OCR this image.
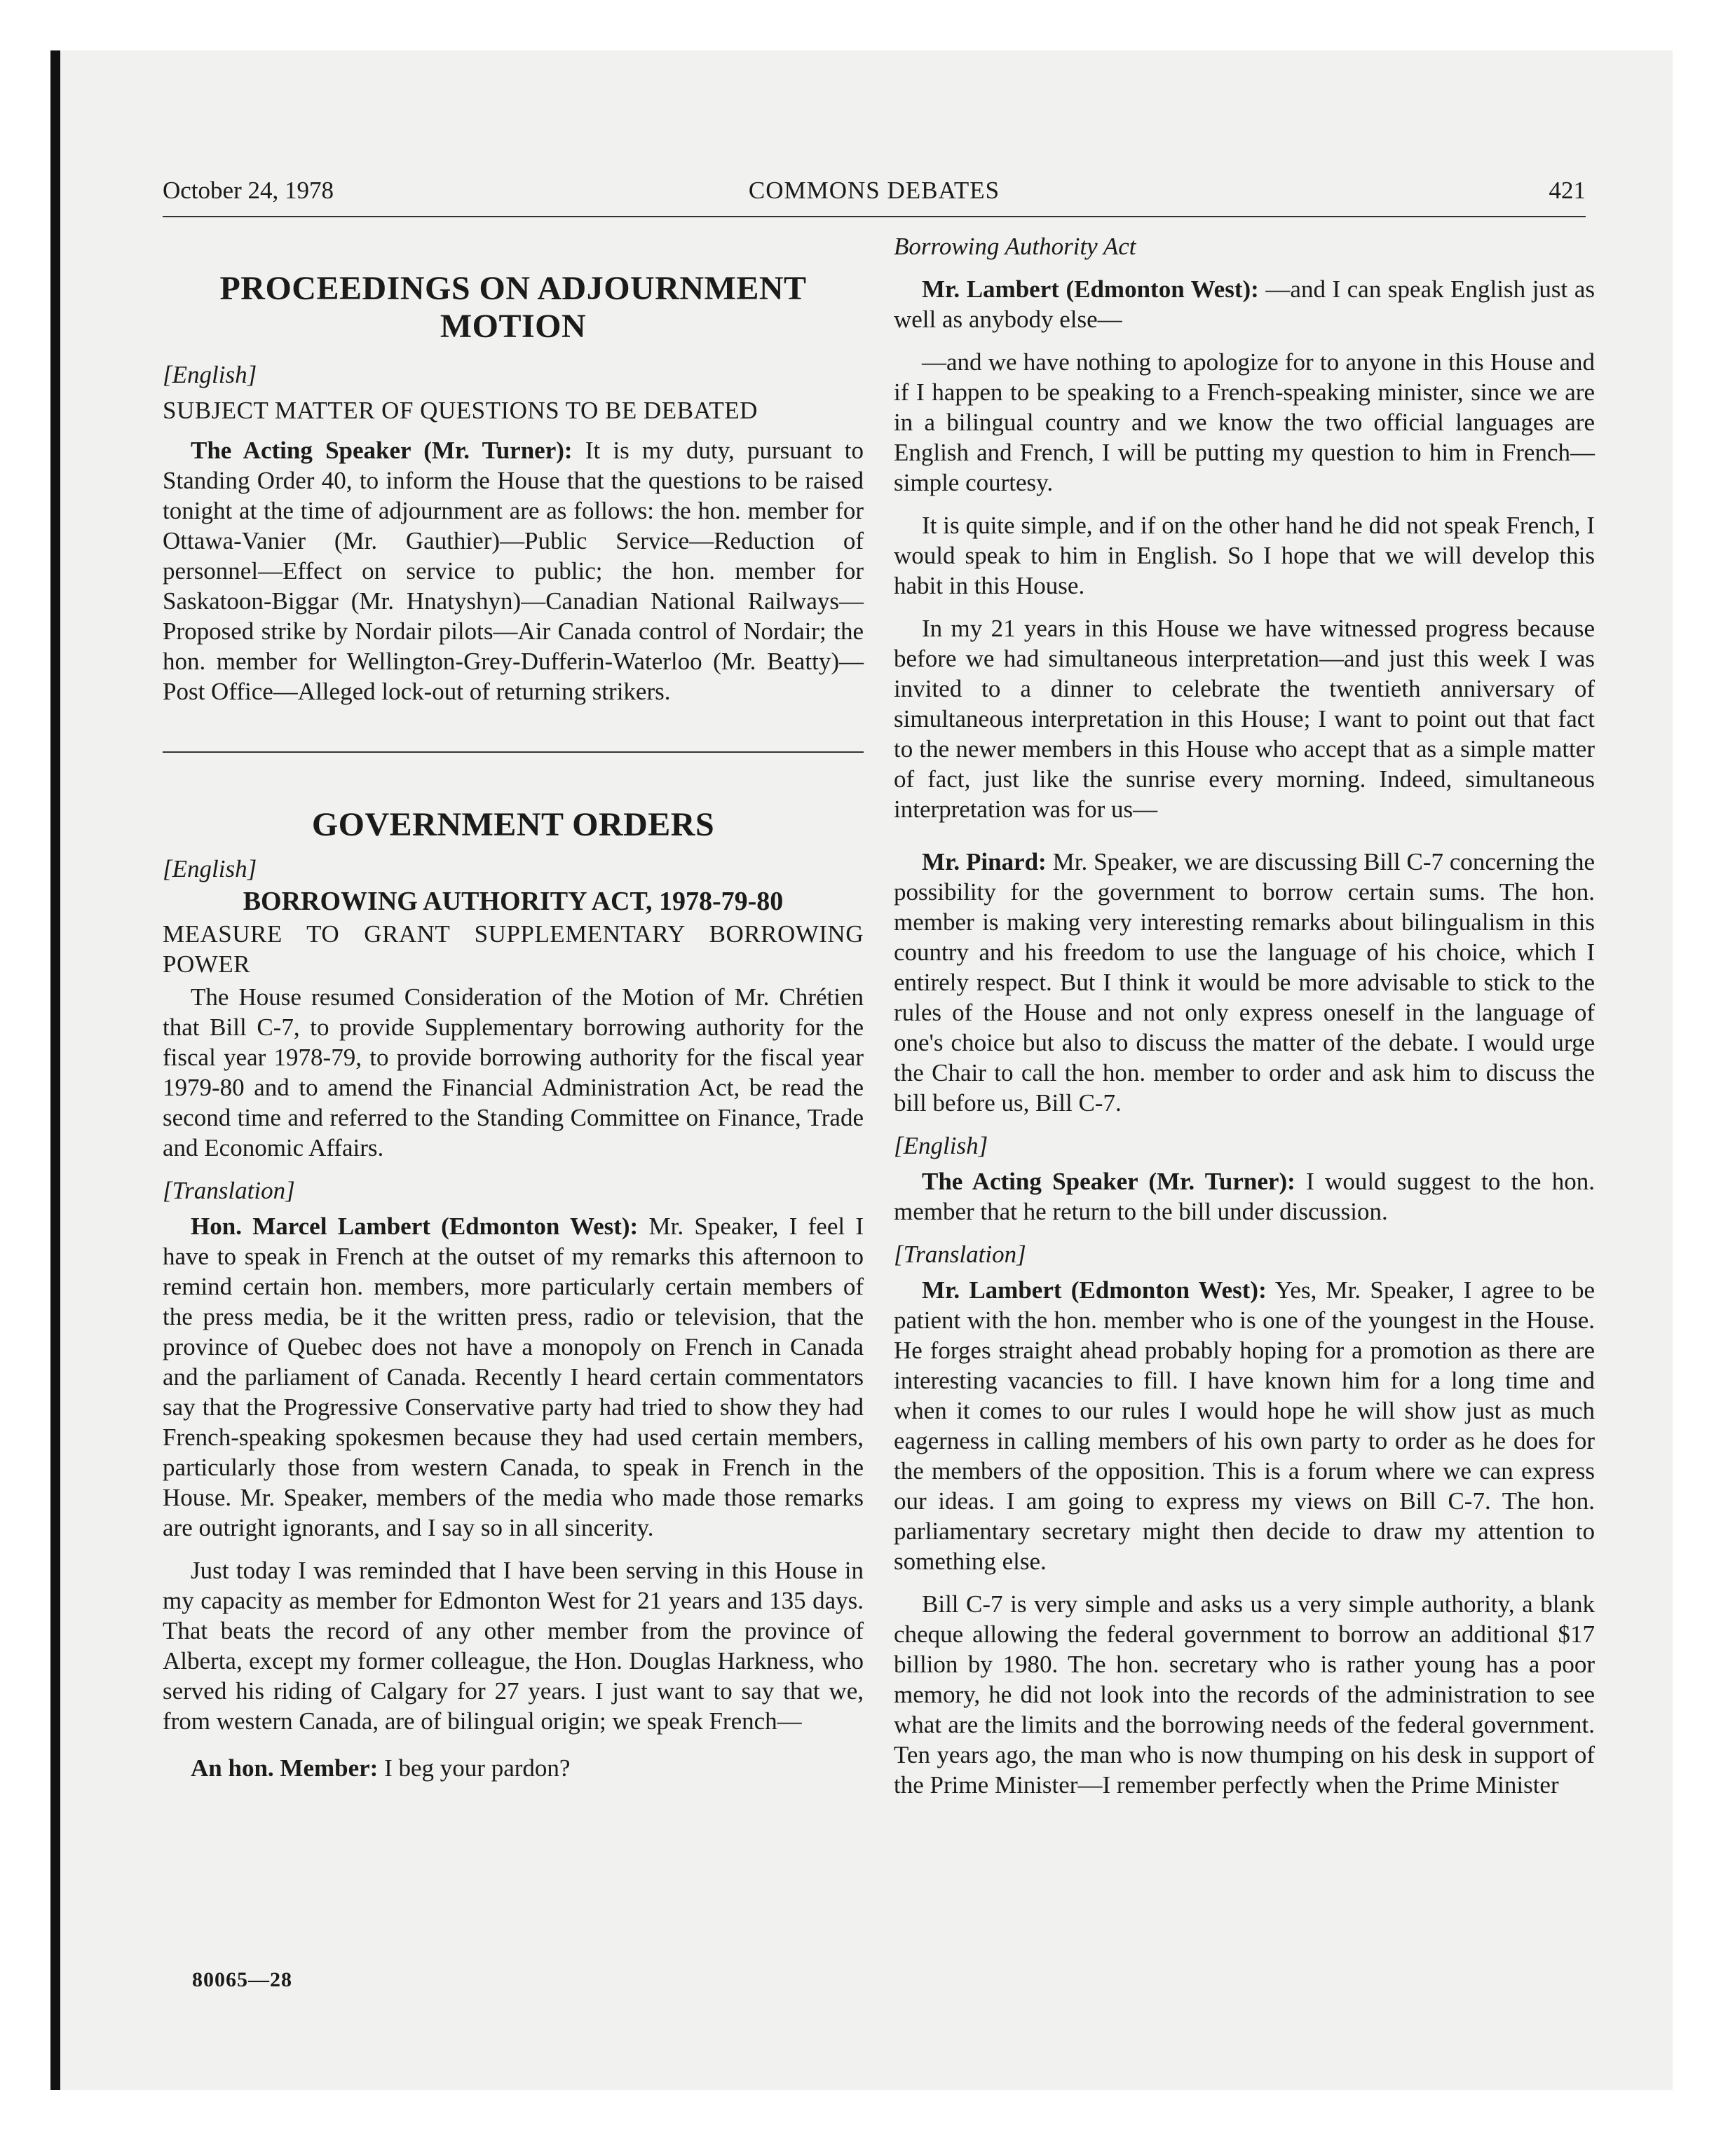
October 24, 1978	COMMONS DEBATES	421
PROCEEDINGS ON ADJOURNMENT
MOTION

[English]

SUBJECT MATTER OF QUESTIONS TO BE DEBATED

The Acting Speaker (Mr. Turner): It is my duty, pursuant to Standing Order 40, to inform the House that the questions to be raised tonight at the time of adjournment are as follows: the hon. member for Ottawa-Vanier (Mr. Gauthier)—Public Service—Reduction of personnel—Effect on service to public; the hon. member for Saskatoon-Biggar (Mr. Hnatyshyn)—Canadian National Railways—Proposed strike by Nordair pilots—Air Canada control of Nordair; the hon. member for Wellington-Grey-Dufferin-Waterloo (Mr. Beatty)—Post Office—Alleged lock-out of returning strikers.

GOVERNMENT ORDERS

[English]

BORROWING AUTHORITY ACT, 1978-79-80

MEASURE TO GRANT SUPPLEMENTARY BORROWING POWER

The House resumed Consideration of the Motion of Mr. Chrétien that Bill C-7, to provide Supplementary borrowing authority for the fiscal year 1978-79, to provide borrowing authority for the fiscal year 1979-80 and to amend the Financial Administration Act, be read the second time and referred to the Standing Committee on Finance, Trade and Economic Affairs.

[Translation]

Hon. Marcel Lambert (Edmonton West): Mr. Speaker, I feel I have to speak in French at the outset of my remarks this afternoon to remind certain hon. members, more particularly certain members of the press media, be it the written press, radio or television, that the province of Quebec does not have a monopoly on French in Canada and the parliament of Canada. Recently I heard certain commentators say that the Progressive Conservative party had tried to show they had French-speaking spokesmen because they had used certain members, particularly those from western Canada, to speak in French in the House. Mr. Speaker, members of the media who made those remarks are outright ignorants, and I say so in all sincerity.

Just today I was reminded that I have been serving in this House in my capacity as member for Edmonton West for 21 years and 135 days. That beats the record of any other member from the province of Alberta, except my former colleague, the Hon. Douglas Harkness, who served his riding of Calgary for 27 years. I just want to say that we, from western Canada, are of bilingual origin; we speak French—

An hon. Member: I beg your pardon?

80065—28

Borrowing Authority Act

Mr. Lambert (Edmonton West): —and I can speak English just as well as anybody else—

—and we have nothing to apologize for to anyone in this House and if I happen to be speaking to a French-speaking minister, since we are in a bilingual country and we know the two official languages are English and French, I will be putting my question to him in French—simple courtesy.

It is quite simple, and if on the other hand he did not speak French, I would speak to him in English. So I hope that we will develop this habit in this House.

In my 21 years in this House we have witnessed progress because before we had simultaneous interpretation—and just this week I was invited to a dinner to celebrate the twentieth anniversary of simultaneous interpretation in this House; I want to point out that fact to the newer members in this House who accept that as a simple matter of fact, just like the sunrise every morning. Indeed, simultaneous interpretation was for us—

Mr. Pinard: Mr. Speaker, we are discussing Bill C-7 concerning the possibility for the government to borrow certain sums. The hon. member is making very interesting remarks about bilingualism in this country and his freedom to use the language of his choice, which I entirely respect. But I think it would be more advisable to stick to the rules of the House and not only express oneself in the language of one's choice but also to discuss the matter of the debate. I would urge the Chair to call the hon. member to order and ask him to discuss the bill before us, Bill C-7.

[English]

The Acting Speaker (Mr. Turner): I would suggest to the hon. member that he return to the bill under discussion.

[Translation]

Mr. Lambert (Edmonton West): Yes, Mr. Speaker, I agree to be patient with the hon. member who is one of the youngest in the House. He forges straight ahead probably hoping for a promotion as there are interesting vacancies to fill. I have known him for a long time and when it comes to our rules I would hope he will show just as much eagerness in calling members of his own party to order as he does for the members of the opposition. This is a forum where we can express our ideas. I am going to express my views on Bill C-7. The hon. parliamentary secretary might then decide to draw my attention to something else.

Bill C-7 is very simple and asks us a very simple authority, a blank cheque allowing the federal government to borrow an additional $17 billion by 1980. The hon. secretary who is rather young has a poor memory, he did not look into the records of the administration to see what are the limits and the borrowing needs of the federal government. Ten years ago, the man who is now thumping on his desk in support of the Prime Minister—I remember perfectly when the Prime Minister
